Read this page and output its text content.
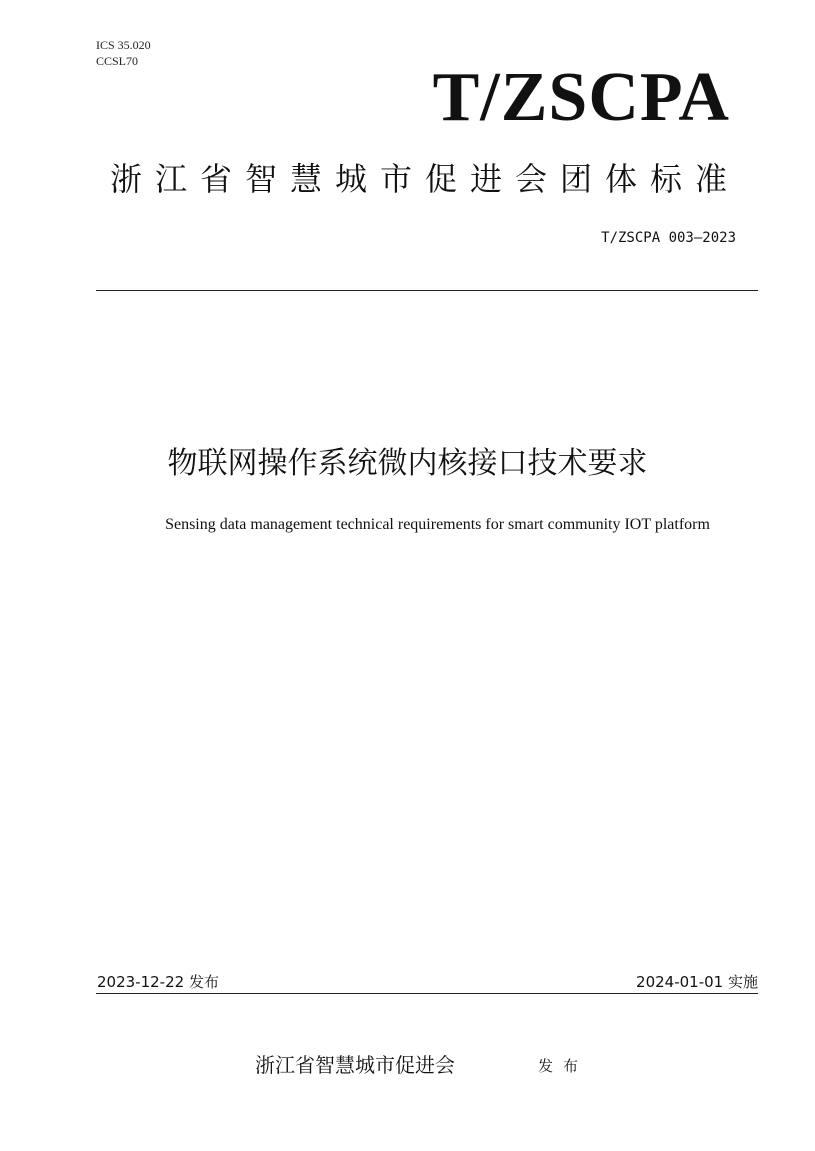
ICS 35.020
CCSL70	T/ZSCPA
浙江省智慧城市促进会团体标准
T/ZSCPA 003—2023
物联网操作系统微内核接口技术要求
Sensing data management technical requirements for smart community IOT platform
2023-12-22 发布	2024-01-01 实施
浙江省智慧城市促进会	发布
